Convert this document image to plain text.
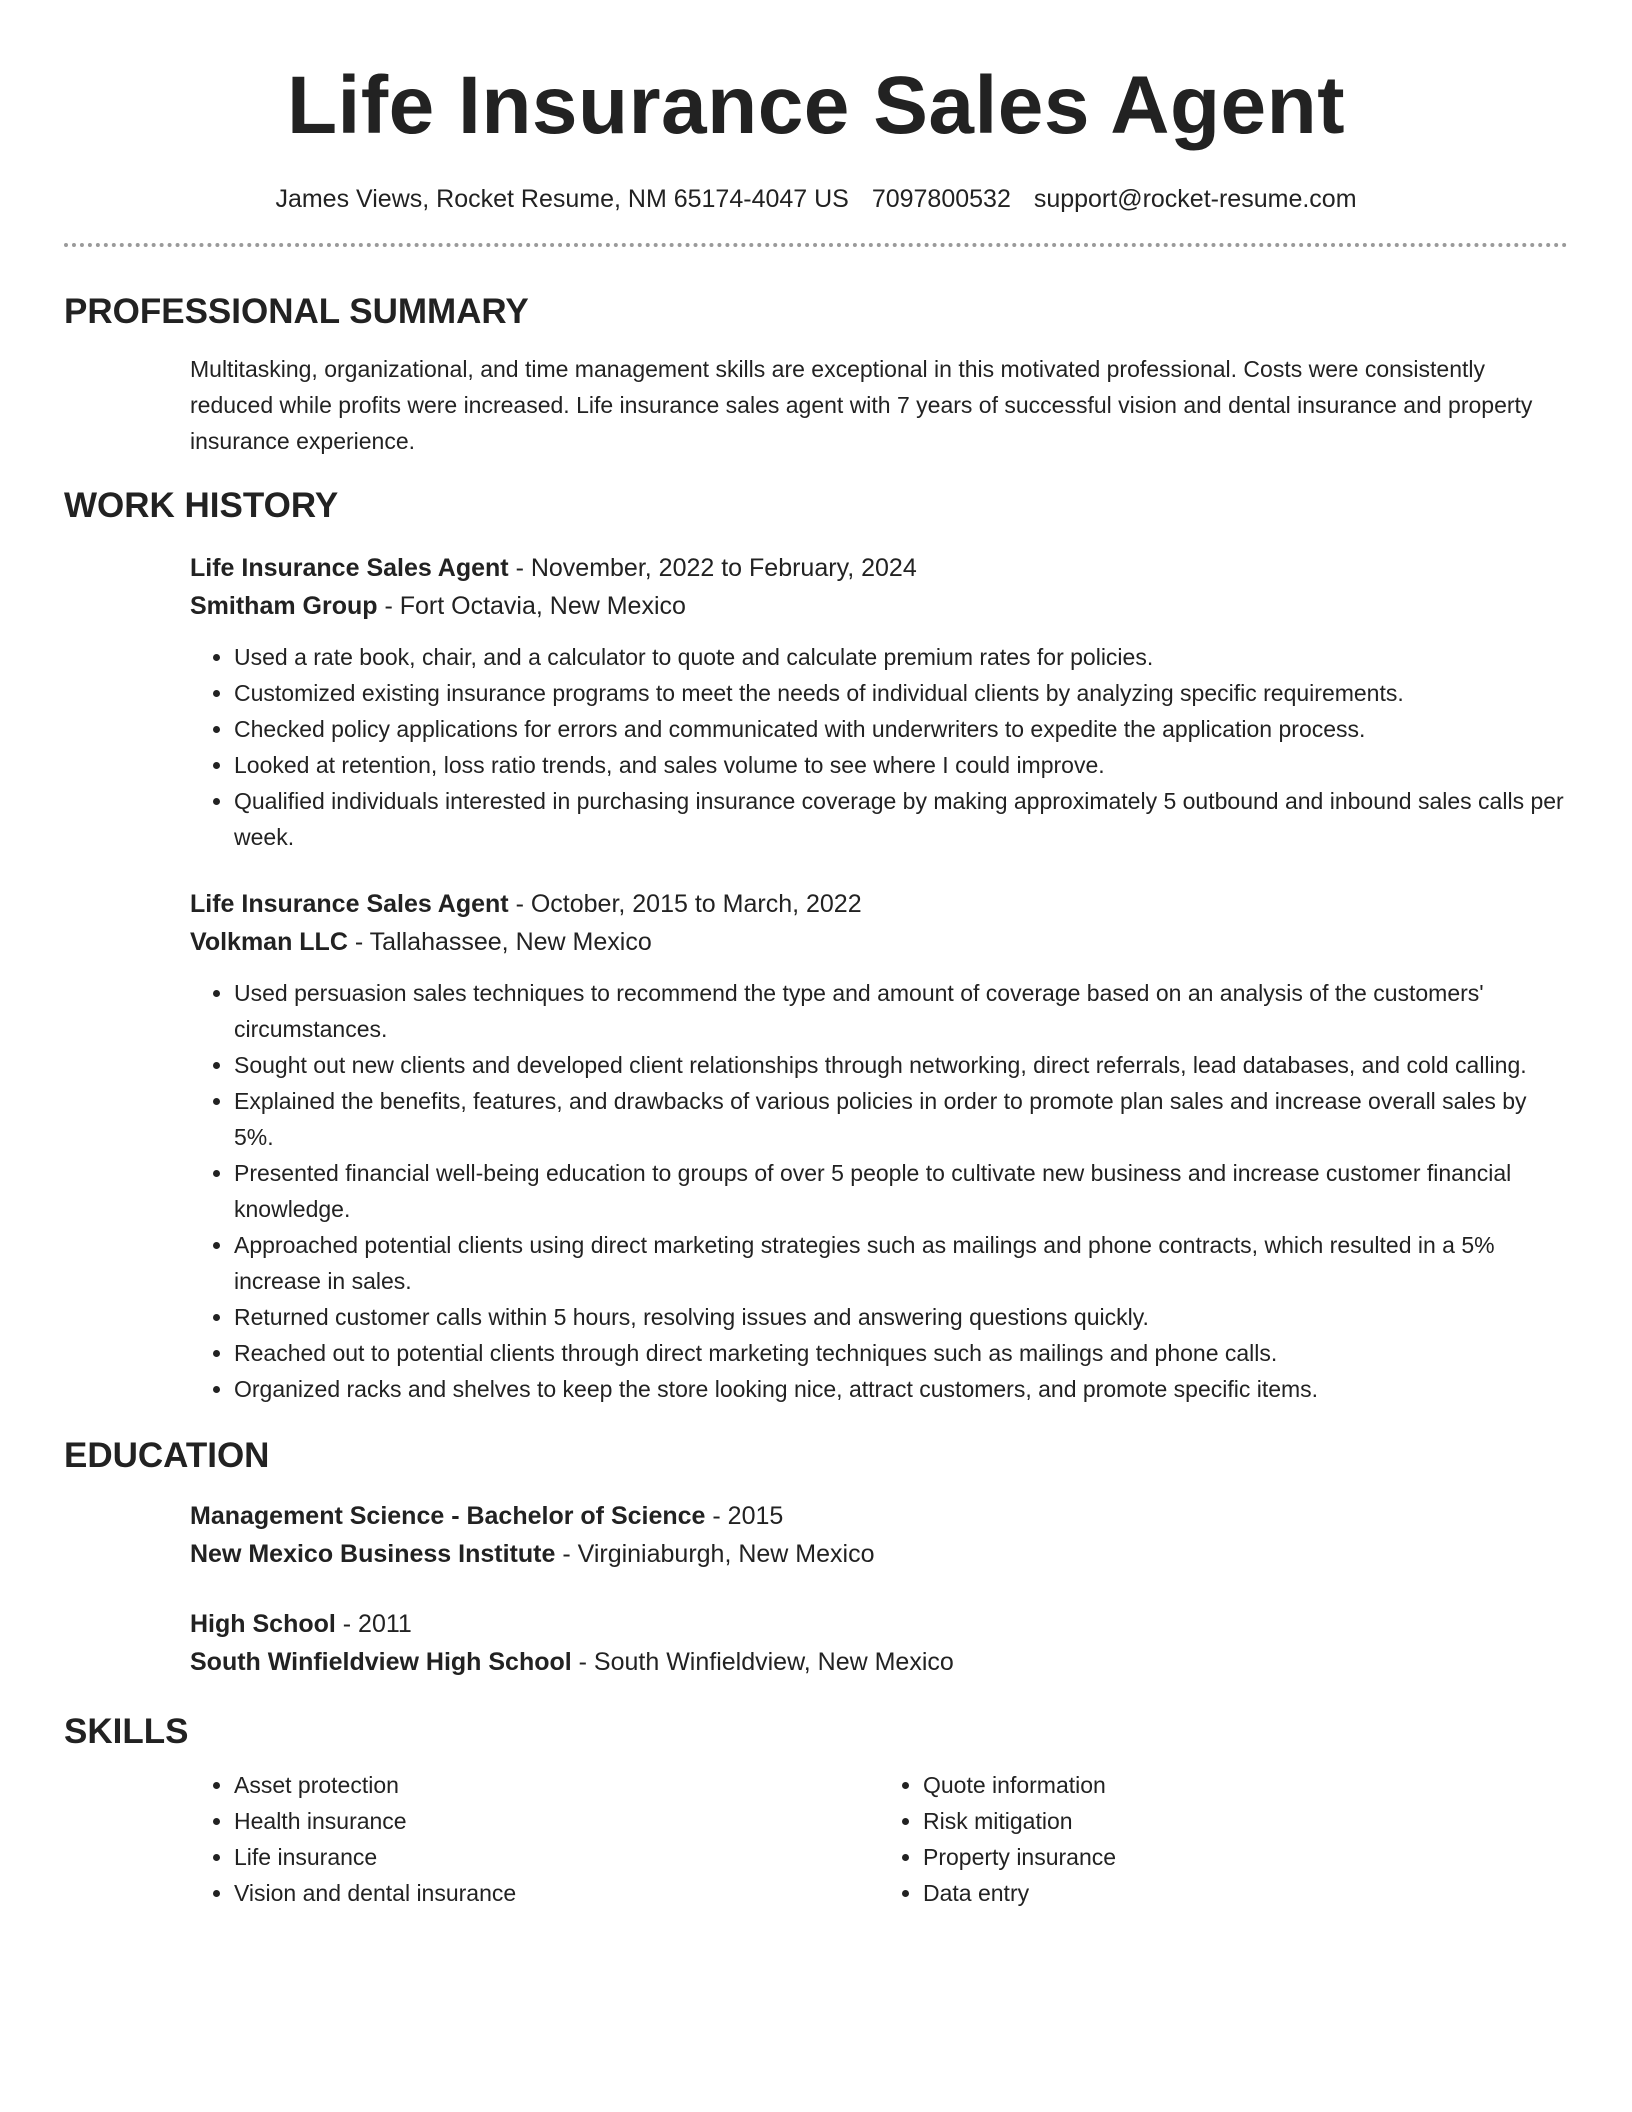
Life Insurance Sales Agent
James Views, Rocket Resume, NM 65174-4047 US 7097800532 support@rocket-resume.com
PROFESSIONAL SUMMARY

Multitasking, organizational, and time management skills are exceptional in this motivated professional. Costs were consistently reduced while profits were increased. Life insurance sales agent with 7 years of successful vision and dental insurance and property insurance experience.

WORK HISTORY
Life Insurance Sales Agent - November, 2022 to February, 2024
Smitham Group - Fort Octavia, New Mexico
• Used a rate book, chair, and a calculator to quote and calculate premium rates for policies.
• Customized existing insurance programs to meet the needs of individual clients by analyzing specific requirements.
• Checked policy applications for errors and communicated with underwriters to expedite the application process.
• Looked at retention, loss ratio trends, and sales volume to see where I could improve.
• Qualified individuals interested in purchasing insurance coverage by making approximately 5 outbound and inbound sales calls per week.
Life Insurance Sales Agent - October, 2015 to March, 2022
Volkman LLC - Tallahassee, New Mexico
• Used persuasion sales techniques to recommend the type and amount of coverage based on an analysis of the customers' circumstances.
• Sought out new clients and developed client relationships through networking, direct referrals, lead databases, and cold calling.
• Explained the benefits, features, and drawbacks of various policies in order to promote plan sales and increase overall sales by 5%.
• Presented financial well-being education to groups of over 5 people to cultivate new business and increase customer financial knowledge.
• Approached potential clients using direct marketing strategies such as mailings and phone contracts, which resulted in a 5% increase in sales.
• Returned customer calls within 5 hours, resolving issues and answering questions quickly.
• Reached out to potential clients through direct marketing techniques such as mailings and phone calls.
• Organized racks and shelves to keep the store looking nice, attract customers, and promote specific items.
EDUCATION
Management Science - Bachelor of Science - 2015
New Mexico Business Institute - Virginiaburgh, New Mexico
High School - 2011
South Winfieldview High School - South Winfieldview, New Mexico
SKILLS
• Asset protection
• Health insurance
• Life insurance
• Vision and dental insurance
• Quote information
• Risk mitigation
• Property insurance
• Data entry
